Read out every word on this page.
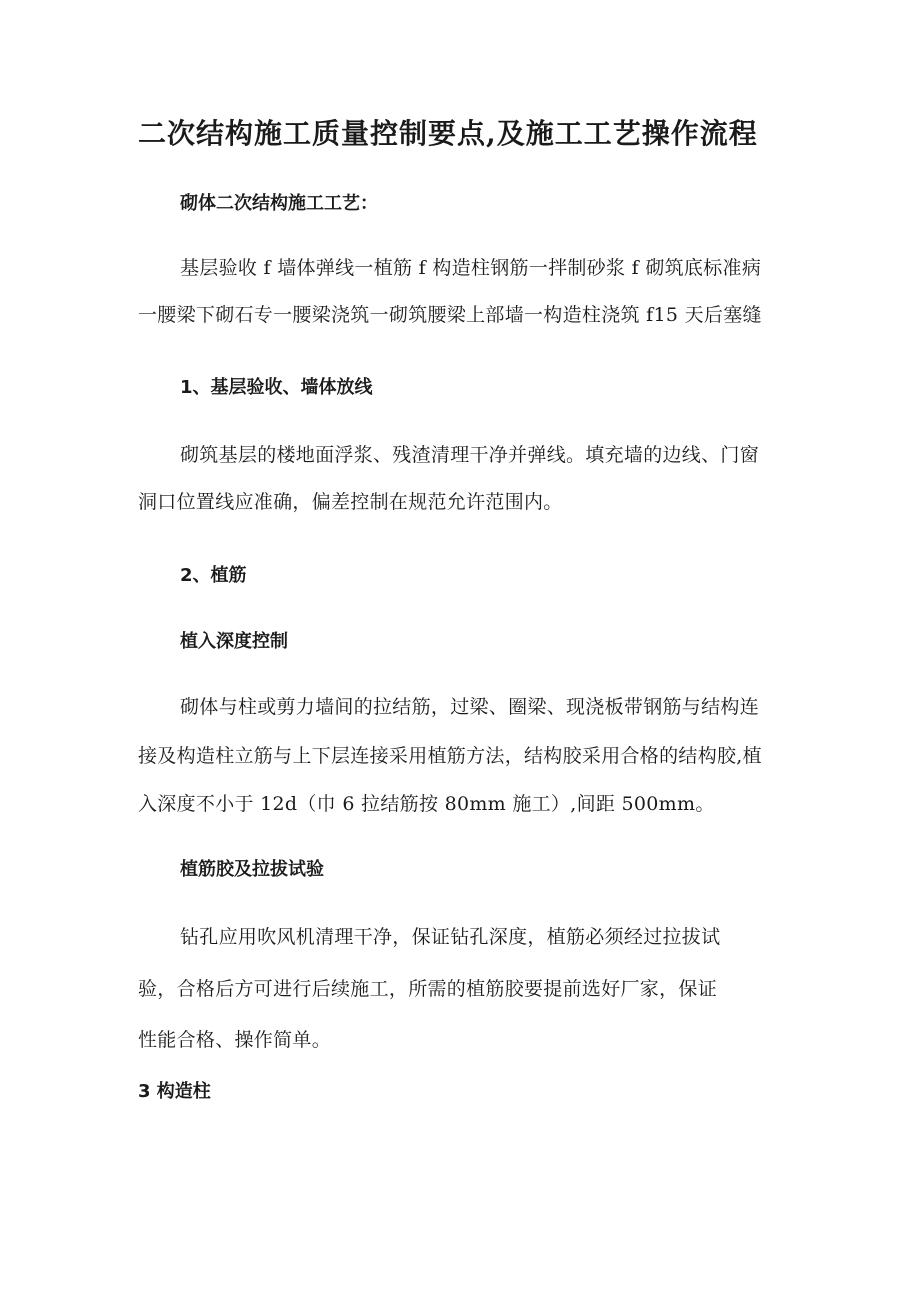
二次结构施工质量控制要点,及施工工艺操作流程
砌体二次结构施工工艺：
基层验收 f 墙体弹线一植筋 f 构造柱钢筋一拌制砂浆 f 砌筑底标准病
一腰梁下砌石专一腰梁浇筑一砌筑腰梁上部墙一构造柱浇筑 f15 天后塞缝
1、基层验收、墙体放线
砌筑基层的楼地面浮浆、残渣清理干净并弹线。填充墙的边线、门窗
洞口位置线应准确，偏差控制在规范允许范围内。
2、植筋
植入深度控制
砌体与柱或剪力墙间的拉结筋，过梁、圈梁、现浇板带钢筋与结构连
接及构造柱立筋与上下层连接采用植筋方法，结构胶采用合格的结构胶,植
入深度不小于 12d（巾 6 拉结筋按 80mm 施工）,间距 500mm。
植筋胶及拉拔试验
钻孔应用吹风机清理干净，保证钻孔深度，植筋必须经过拉拔试
验，合格后方可进行后续施工，所需的植筋胶要提前选好厂家，保证
性能合格、操作简单。
3 构造柱
